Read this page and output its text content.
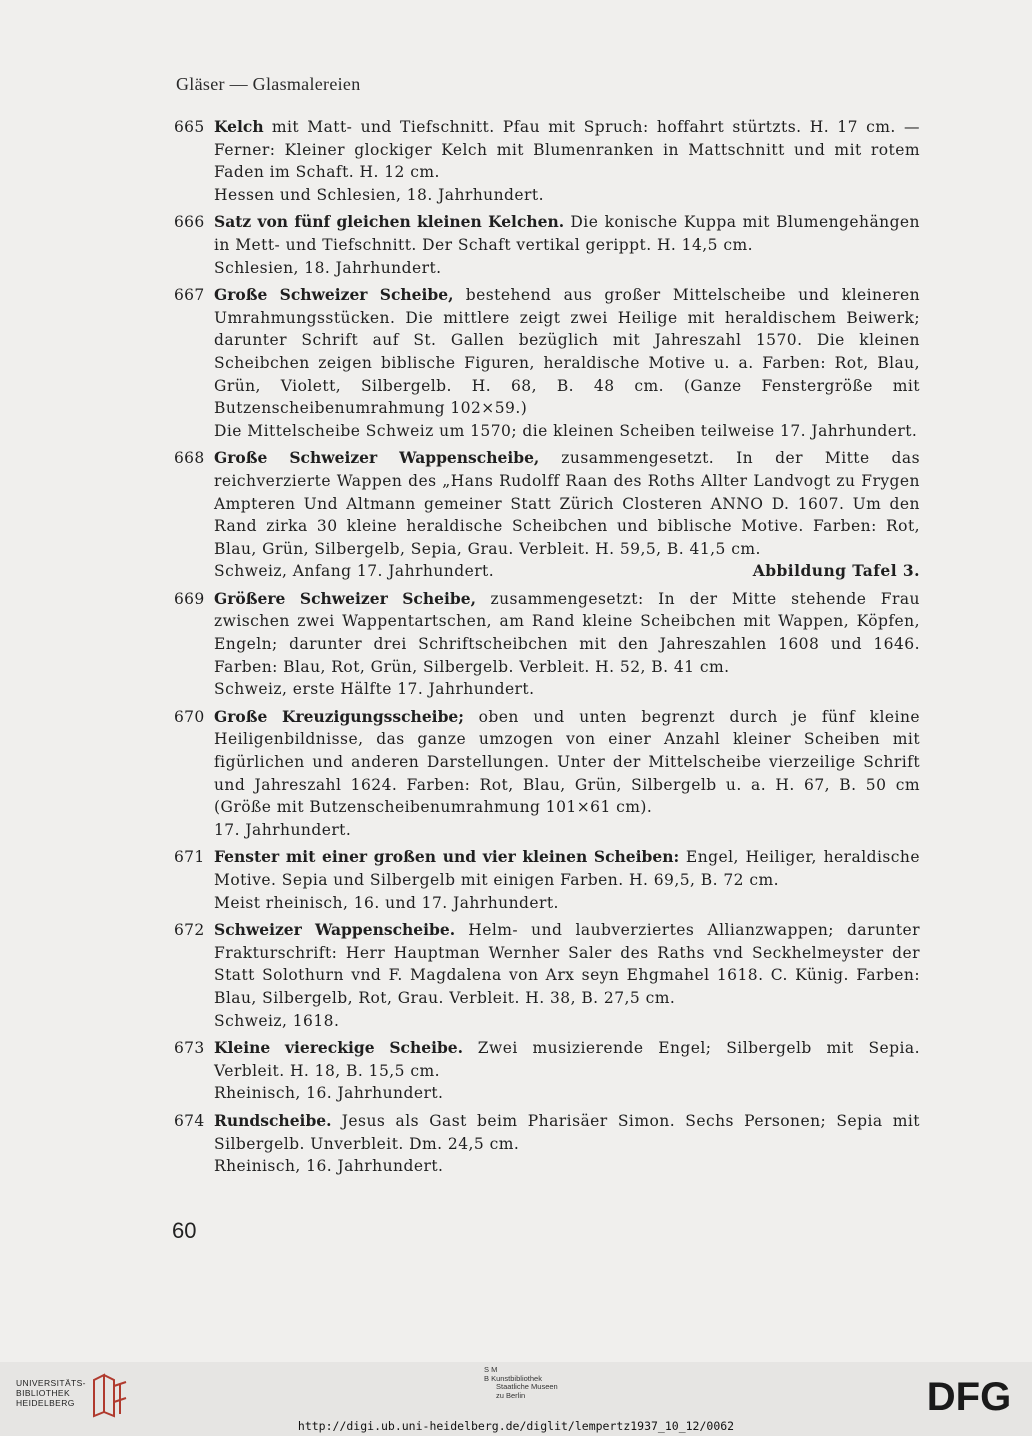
Gläser — Glasmalereien
665 Kelch mit Matt- und Tiefschnitt. Pfau mit Spruch: hoffahrt stürtzts. H. 17 cm. — Ferner: Kleiner glockiger Kelch mit Blumenranken in Mattschnitt und mit rotem Faden im Schaft. H. 12 cm.

Hessen und Schlesien, 18. Jahrhundert.

666 Satz von fünf gleichen kleinen Kelchen. Die konische Kuppa mit Blumengehängen in Mett- und Tiefschnitt. Der Schaft vertikal gerippt. H. 14,5 cm.

Schlesien, 18. Jahrhundert.

667 Große Schweizer Scheibe, bestehend aus großer Mittelscheibe und kleineren Umrahmungsstücken. Die mittlere zeigt zwei Heilige mit heraldischem Beiwerk; darunter Schrift auf St. Gallen bezüglich mit Jahreszahl 1570. Die kleinen Scheibchen zeigen biblische Figuren, heraldische Motive u. a. Farben: Rot, Blau, Grün, Violett, Silbergelb. H. 68, B. 48 cm. (Ganze Fenstergröße mit Butzenscheibenumrahmung 102×59.)

Die Mittelscheibe Schweiz um 1570; die kleinen Scheiben teilweise 17. Jahrhundert.

668 Große Schweizer Wappenscheibe, zusammengesetzt. In der Mitte das reichverzierte Wappen des „Hans Rudolff Raan des Roths Allter Landvogt zu Frygen Ampteren Und Altmann gemeiner Statt Zürich Closteren ANNO D. 1607. Um den Rand zirka 30 kleine heraldische Scheibchen und biblische Motive. Farben: Rot, Blau, Grün, Silbergelb, Sepia, Grau. Verbleit. H. 59,5, B. 41,5 cm.

Schweiz, Anfang 17. Jahrhundert.	Abbildung Tafel 3.
669 Größere Schweizer Scheibe, zusammengesetzt: In der Mitte stehende Frau zwischen zwei Wappentartschen, am Rand kleine Scheibchen mit Wappen, Köpfen, Engeln; darunter drei Schriftscheibchen mit den Jahreszahlen 1608 und 1646. Farben: Blau, Rot, Grün, Silbergelb. Verbleit. H. 52, B. 41 cm.

Schweiz, erste Hälfte 17. Jahrhundert.

670 Große Kreuzigungsscheibe; oben und unten begrenzt durch je fünf kleine Heiligenbildnisse, das ganze umzogen von einer Anzahl kleiner Scheiben mit figürlichen und anderen Darstellungen. Unter der Mittelscheibe vierzeilige Schrift und Jahreszahl 1624. Farben: Rot, Blau, Grün, Silbergelb u. a. H. 67, B. 50 cm (Größe mit Butzenscheibenumrahmung 101×61 cm).

17. Jahrhundert.

671 Fenster mit einer großen und vier kleinen Scheiben: Engel, Heiliger, heraldische Motive. Sepia und Silbergelb mit einigen Farben. H. 69,5, B. 72 cm.

Meist rheinisch, 16. und 17. Jahrhundert.

672 Schweizer Wappenscheibe. Helm- und laubverziertes Allianzwappen; darunter Frakturschrift: Herr Hauptman Wernher Saler des Raths vnd Seckhelmeyster der Statt Solothurn vnd F. Magdalena von Arx seyn Ehgmahel 1618. C. Künig. Farben: Blau, Silbergelb, Rot, Grau. Verbleit. H. 38, B. 27,5 cm.

Schweiz, 1618.

673 Kleine viereckige Scheibe. Zwei musizierende Engel; Silbergelb mit Sepia. Verbleit. H. 18, B. 15,5 cm.

Rheinisch, 16. Jahrhundert.

674 Rundscheibe. Jesus als Gast beim Pharisäer Simon. Sechs Personen; Sepia mit Silbergelb. Unverbleit. Dm. 24,5 cm.

Rheinisch, 16. Jahrhundert.

60
UNIVERSITÄTS-
BIBLIOTHEK
HEIDELBERG
S M
B Kunstbibliothek
Staatliche Museen
zu Berlin	DFG
http://digi.ub.uni-heidelberg.de/diglit/lempertz1937_10_12/0062
